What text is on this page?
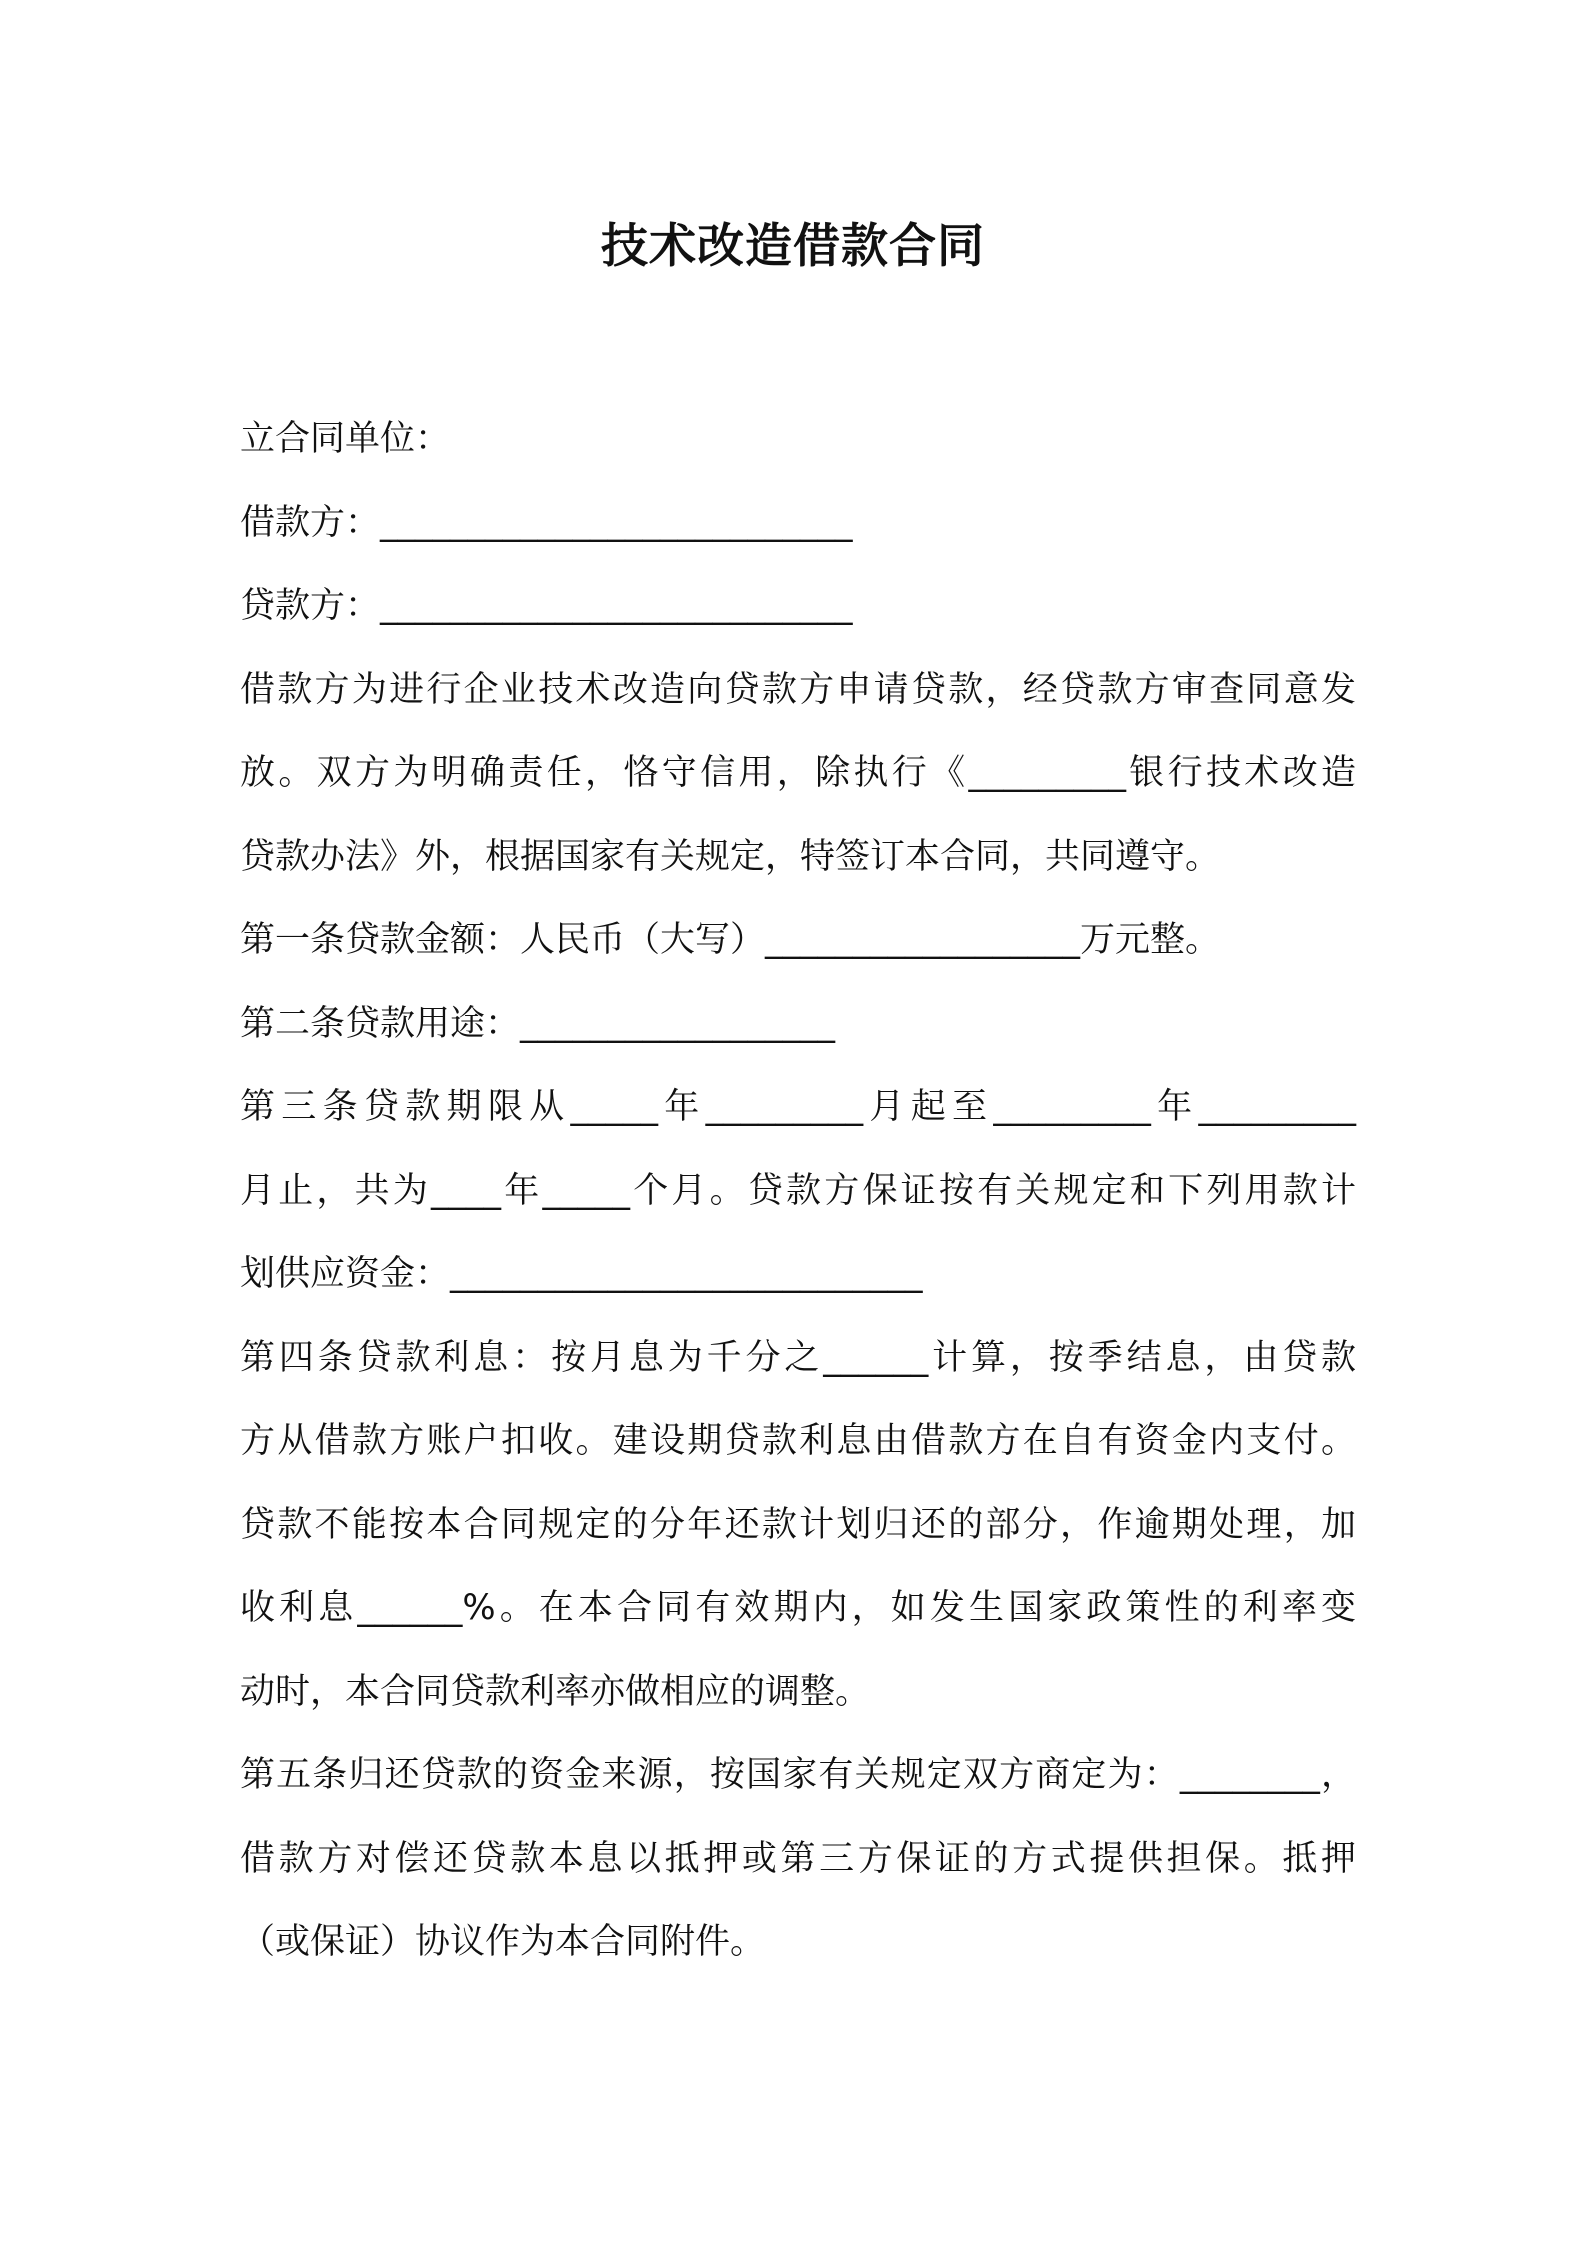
技术改造借款合同
立合同单位：
借款方：___________________________
贷款方：___________________________
借款方为进行企业技术改造向贷款方申请贷款，经贷款方审查同意发
放。双方为明确责任，恪守信用，除执行《_________银行技术改造
贷款办法》外，根据国家有关规定，特签订本合同，共同遵守。
第一条贷款金额：人民币（大写）__________________万元整。
第二条贷款用途：__________________
第三条贷款期限从_____年_________月起至_________年_________
月止，共为____年_____个月。贷款方保证按有关规定和下列用款计
划供应资金：___________________________
第四条贷款利息：按月息为千分之______计算，按季结息，由贷款
方从借款方账户扣收。建设期贷款利息由借款方在自有资金内支付。
贷款不能按本合同规定的分年还款计划归还的部分，作逾期处理，加
收利息______%。在本合同有效期内，如发生国家政策性的利率变
动时，本合同贷款利率亦做相应的调整。
第五条归还贷款的资金来源，按国家有关规定双方商定为：________，
借款方对偿还贷款本息以抵押或第三方保证的方式提供担保。抵押
（或保证）协议作为本合同附件。
